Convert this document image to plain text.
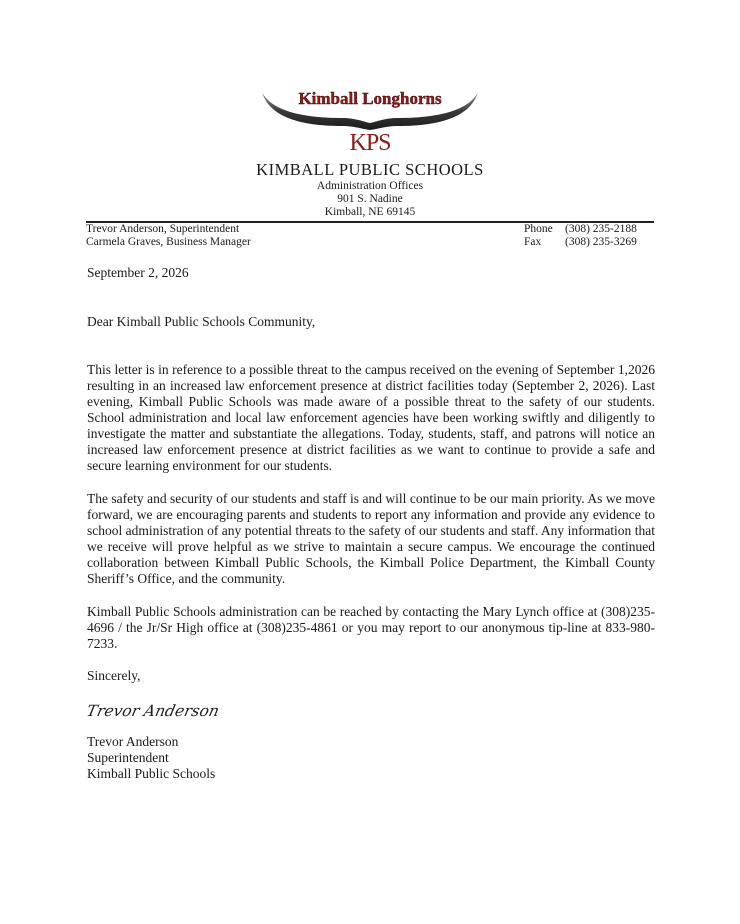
Kimball Longhorns
KPS
KIMBALL PUBLIC SCHOOLS
Administration Offices
901 S. Nadine
Kimball, NE 69145
Trevor Anderson, Superintendent
Carmela Graves, Business Manager
Phone (308) 235-2188
Fax (308) 235-3269
September 2, 2026
Dear Kimball Public Schools Community,

This letter is in reference to a possible threat to the campus received on the evening of September 1,2026 resulting in an increased law enforcement presence at district facilities today (September 2, 2026). Last evening, Kimball Public Schools was made aware of a possible threat to the safety of our students. School administration and local law enforcement agencies have been working swiftly and diligently to investigate the matter and substantiate the allegations. Today, students, staff, and patrons will notice an increased law enforcement presence at district facilities as we want to continue to provide a safe and secure learning environment for our students.

The safety and security of our students and staff is and will continue to be our main priority. As we move forward, we are encouraging parents and students to report any information and provide any evidence to school administration of any potential threats to the safety of our students and staff. Any information that we receive will prove helpful as we strive to maintain a secure campus. We encourage the continued collaboration between Kimball Public Schools, the Kimball Police Department, the Kimball County Sheriff’s Office, and the community.

Kimball Public Schools administration can be reached by contacting the Mary Lynch office at (308)235-4696 / the Jr/Sr High office at (308)235-4861 or you may report to our anonymous tip-line at 833-980-7233.

Sincerely,
Trevor Anderson
Trevor Anderson
Superintendent
Kimball Public Schools
